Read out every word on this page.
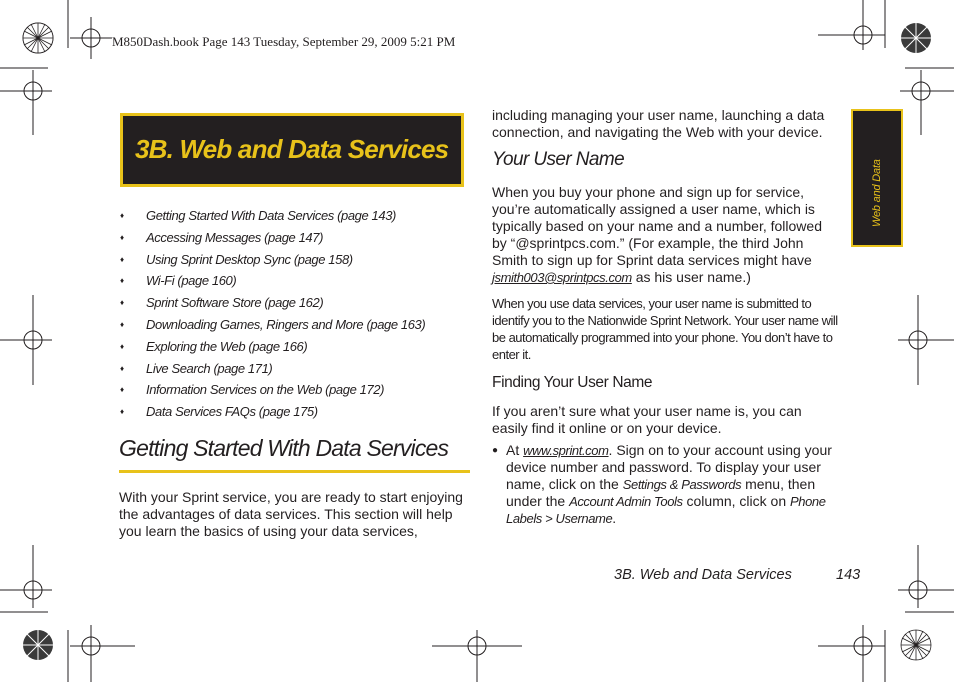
M850Dash.book Page 143 Tuesday, September 29, 2009 5:21 PM
3B. Web and Data Services
♦ Getting Started With Data Services (page 143)
♦ Accessing Messages (page 147)
♦ Using Sprint Desktop Sync (page 158)
♦ Wi-Fi (page 160)
♦ Sprint Software Store (page 162)
♦ Downloading Games, Ringers and More (page 163)
♦ Exploring the Web (page 166)
♦ Live Search (page 171)
♦ Information Services on the Web (page 172)
♦ Data Services FAQs (page 175)
Getting Started With Data Services
With your Sprint service, you are ready to start enjoying the advantages of data services. This section will help you learn the basics of using your data services,
including managing your user name, launching a data connection, and navigating the Web with your device.
Your User Name
When you buy your phone and sign up for service, you’re automatically assigned a user name, which is typically based on your name and a number, followed by “@sprintpcs.com.” (For example, the third John Smith to sign up for Sprint data services might have
jsmith003@sprintpcs.com as his user name.)
When you use data services, your user name is submitted to identify you to the Nationwide Sprint Network. Your user name will be automatically programmed into your phone. You don’t have to enter it.
Finding Your User Name
If you aren’t sure what your user name is, you can easily find it online or on your device.
● At www.sprint.com. Sign on to your account using your device number and password. To display your user name, click on the Settings & Passwords menu, then under the Account Admin Tools column, click on Phone Labels > Username.
Web and Data
3B. Web and Data Services	143
